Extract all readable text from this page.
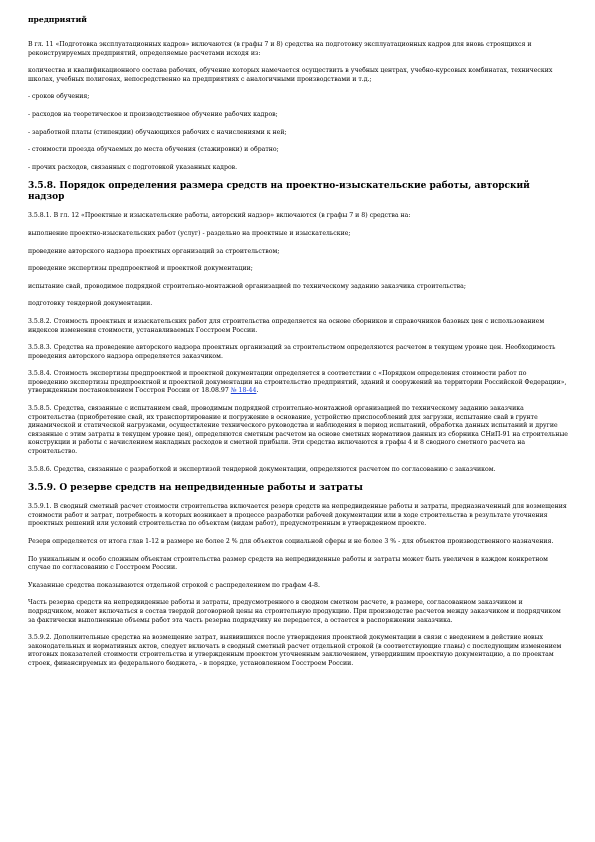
предприятий

В гл. 11 «Подготовка эксплуатационных кадров» включаются (в графы 7 и 8) средства на подготовку эксплуатационных кадров для вновь строящихся и реконструируемых предприятий, определяемые расчетами исходя из:

количества и квалификационного состава рабочих, обучение которых намечается осуществить в учебных центрах, учебно-курсовых комбинатах, технических школах, учебных полигонах, непосредственно на предприятиях с аналогичными производствами и т.д.;

- сроков обучения;

- расходов на теоретическое и производственное обучение рабочих кадров;

- заработной платы (стипендии) обучающихся рабочих с начислениями к ней;

- стоимости проезда обучаемых до места обучения (стажировки) и обратно;

- прочих расходов, связанных с подготовкой указанных кадров.

3.5.8. Порядок определения размера средств на проектно-изыскательские работы, авторский надзор

3.5.8.1. В гл. 12 «Проектные и изыскательские работы, авторский надзор» включаются (в графы 7 и 8) средства на:

выполнение проектно-изыскательских работ (услуг) - раздельно на проектные и изыскательские;

проведение авторского надзора проектных организаций за строительством;

проведение экспертизы предпроектной и проектной документации;

испытание свай, проводимое подрядной строительно-монтажной организацией по техническому заданию заказчика строительства;

подготовку тендерной документации.

3.5.8.2. Стоимость проектных и изыскательских работ для строительства определяется на основе сборников и справочников базовых цен с использованием индексов изменения стоимости, устанавливаемых Госстроем России.

3.5.8.3. Средства на проведение авторского надзора проектных организаций за строительством определяются расчетом в текущем уровне цен. Необходимость проведения авторского надзора определяется заказчиком.

3.5.8.4. Стоимость экспертизы предпроектной и проектной документации определяется в соответствии с «Порядком определения стоимости работ по проведению экспертизы предпроектной и проектной документации на строительство предприятий, зданий и сооружений на территории Российской Федерации», утвержденным постановлением Госстроя России от 18.08.97 № 18-44.

3.5.8.5. Средства, связанные с испытанием свай, проводимым подрядной строительно-монтажной организацией по техническому заданию заказчика строительства (приобретение свай, их транспортирование и погружение в основание, устройство приспособлений для загрузки, испытание свай в грунте динамической и статической нагрузками, осуществление технического руководства и наблюдения в период испытаний, обработка данных испытаний и другие связанные с этим затраты в текущем уровне цен), определяются сметным расчетом на основе сметных нормативов данных из сборника СНиП-91 на строительные конструкции и работы с начислением накладных расходов и сметной прибыли. Эти средства включаются в графы 4 и 8 сводного сметного расчета на строительство.

3.5.8.6. Средства, связанные с разработкой и экспертизой тендерной документации, определяются расчетом по согласованию с заказчиком.

3.5.9. О резерве средств на непредвиденные работы и затраты

3.5.9.1. В сводный сметный расчет стоимости строительства включается резерв средств на непредвиденные работы и затраты, предназначенный для возмещения стоимости работ и затрат, потребность в которых возникает в процессе разработки рабочей документации или в ходе строительства в результате уточнения проектных решений или условий строительства по объектам (видам работ), предусмотренным в утвержденном проекте.

Резерв определяется от итога глав 1-12 в размере не более 2 % для объектов социальной сферы и не более 3 % - для объектов производственного назначения.

По уникальным и особо сложным объектам строительства размер средств на непредвиденные работы и затраты может быть увеличен в каждом конкретном случае по согласованию с Госстроем России.

Указанные средства показываются отдельной строкой с распределением по графам 4-8.

Часть резерва средств на непредвиденные работы и затраты, предусмотренного в сводном сметном расчете, в размере, согласованном заказчиком и подрядчиком, может включаться в состав твердой договорной цены на строительную продукцию. При производстве расчетов между заказчиком и подрядчиком за фактически выполненные объемы работ эта часть резерва подрядчику не передается, а остается в распоряжении заказчика.

3.5.9.2. Дополнительные средства на возмещение затрат, выявившихся после утверждения проектной документации в связи с введением в действие новых законодательных и нормативных актов, следует включать в сводный сметный расчет отдельной строкой (в соответствующие главы) с последующим изменением итоговых показателей стоимости строительства и утвержденным проектом уточненным заключением, утвердившим проектную документацию, а по проектам строек, финансируемых из федерального бюджета, - в порядке, установленном Госстроем России.
